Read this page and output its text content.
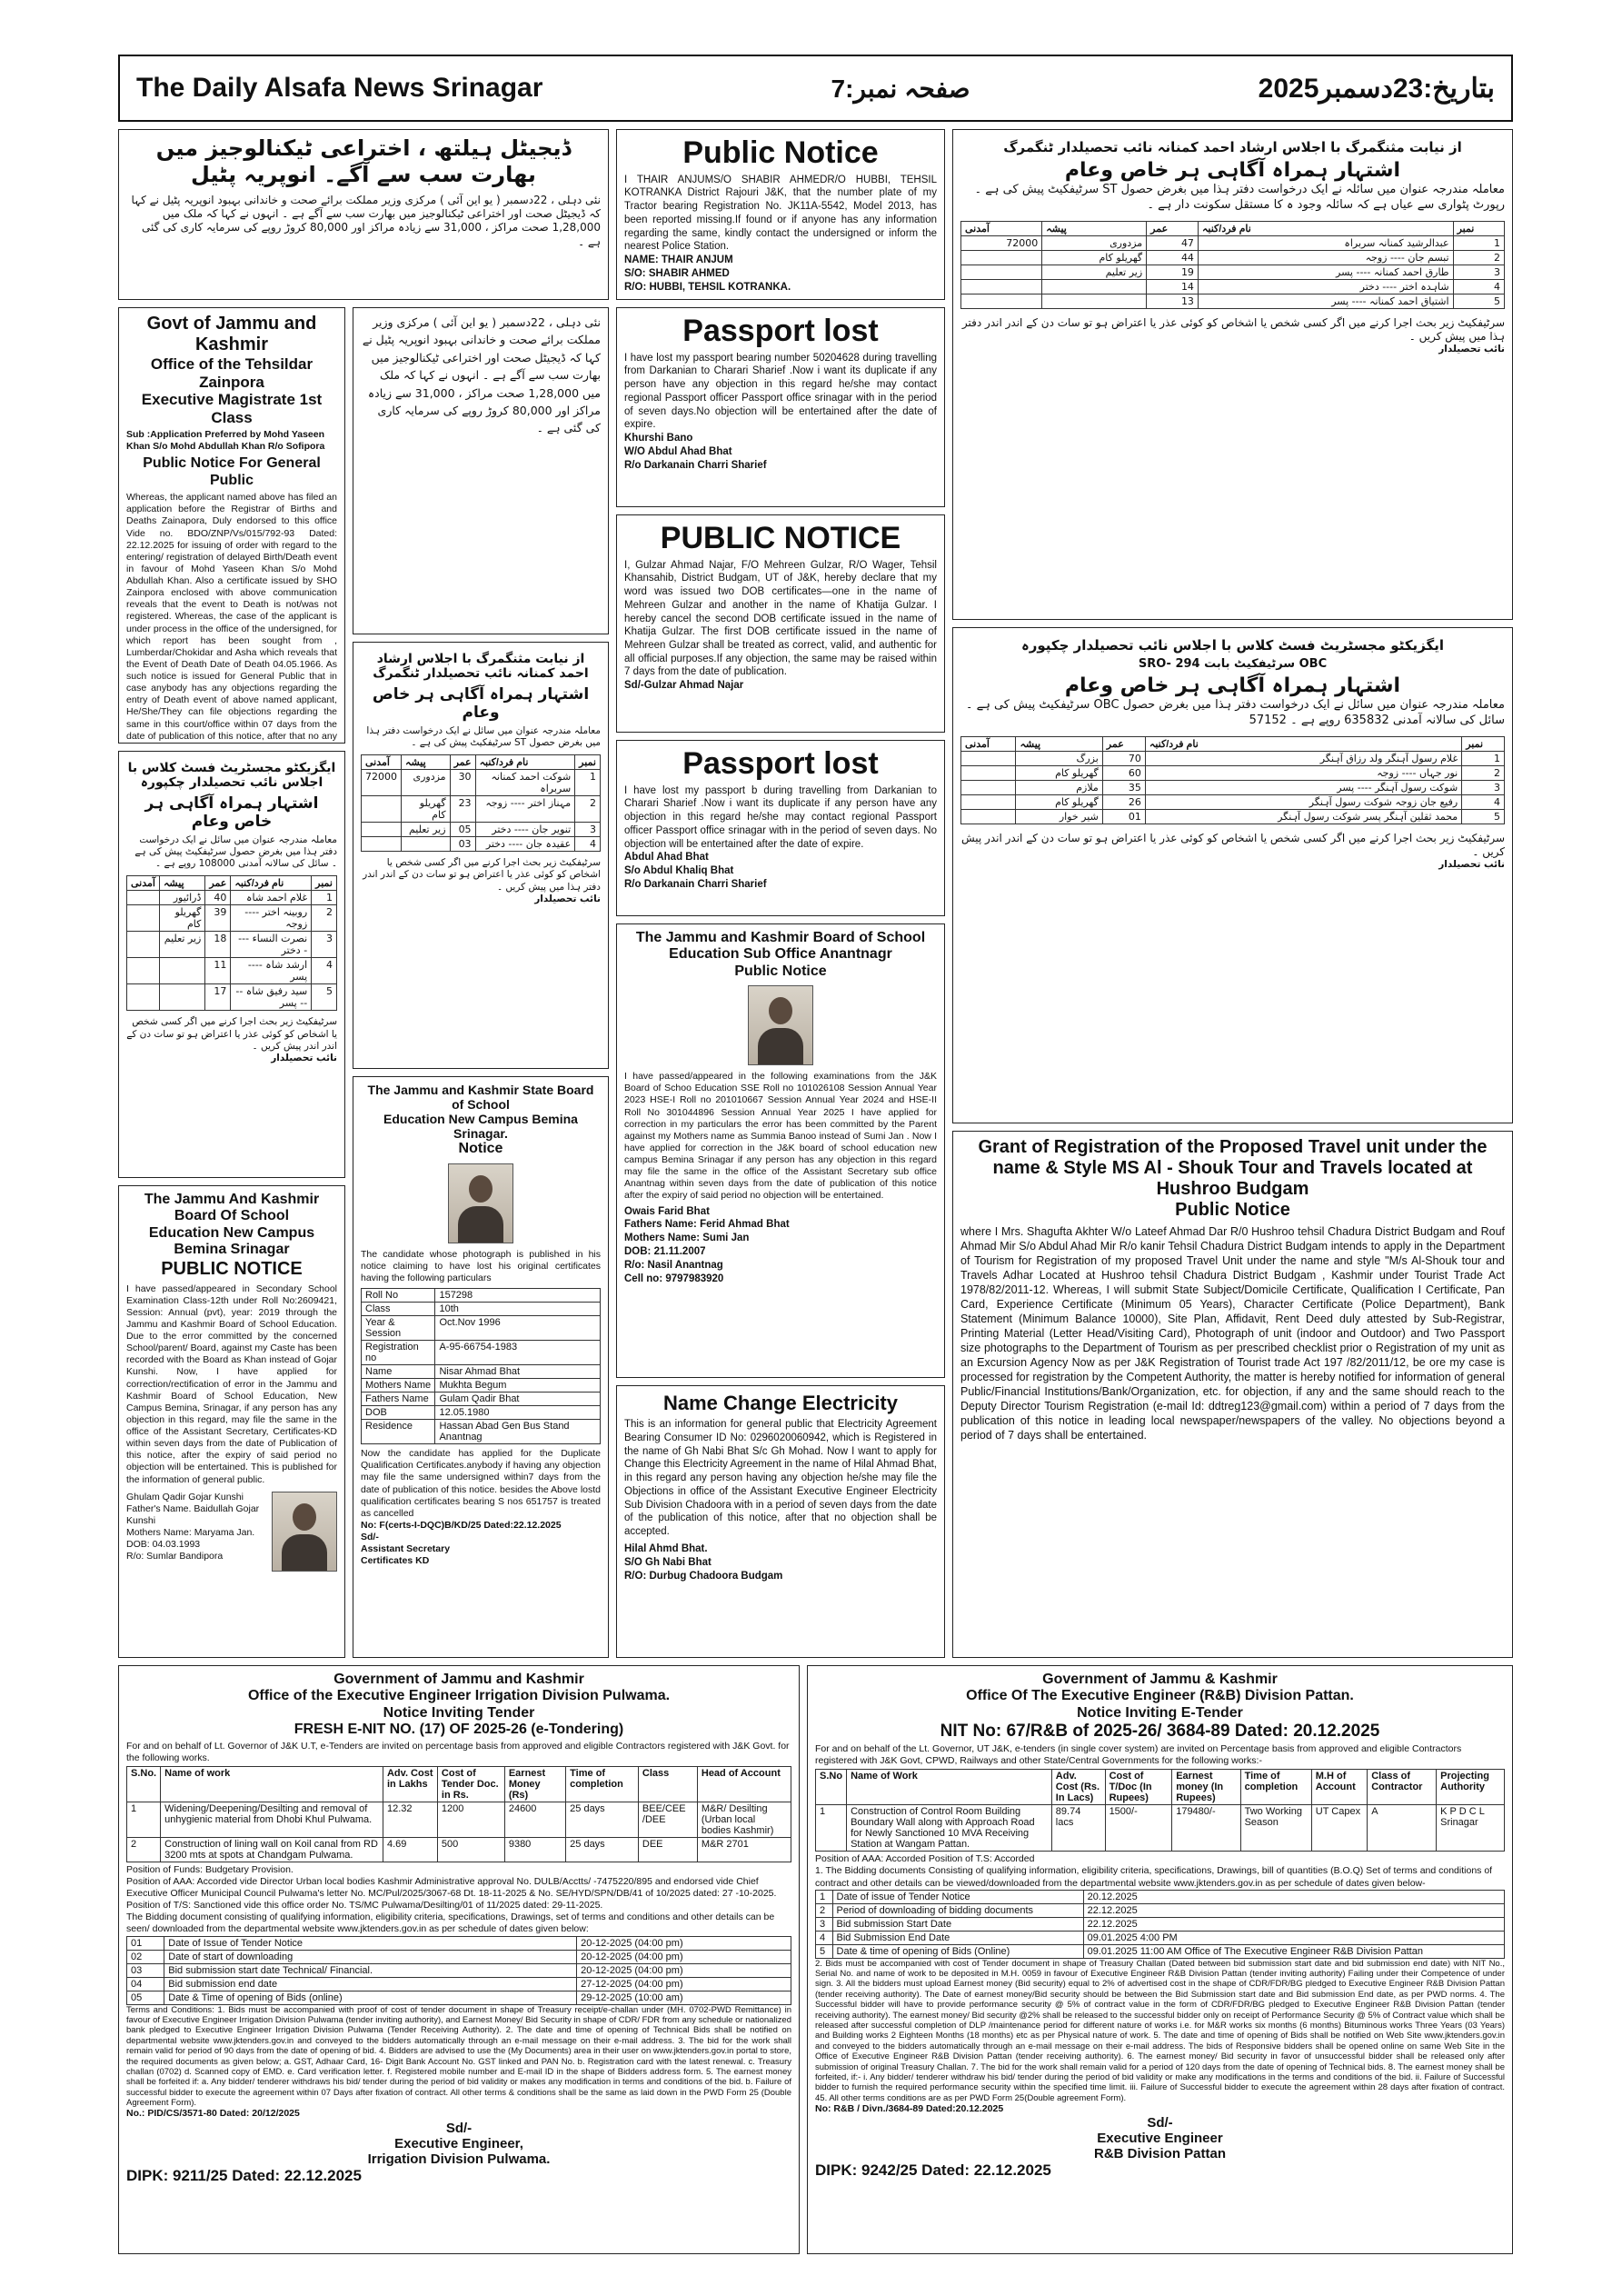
The Daily Alsafa News Srinagar	صفحہ نمبر:7	بتاریخ:23دسمبر2025
ڈیجیٹل ہیلتھ ، اختراعی ٹیکنالوجیز میں بھارت سب سے آگے۔ انوپریہ پٹیل
نئی دہلی ، 22دسمبر ( یو این آئی ) مرکزی وزیر مملکت برائے صحت و خاندانی بہبود انوپریہ پٹیل نے کہا کہ ڈیجیٹل صحت اور اختراعی ٹیکنالوجیز میں بھارت سب سے آگے ہے ۔ انہوں نے کہا کہ ملک میں 1,28,000 صحت مراکز ، 31,000 سے زیادہ مراکز اور 80,000 کروڑ روپے کی سرمایہ کاری کی گئی ہے ۔
Govt of Jammu and Kashmir
Office of the Tehsildar Zainpora
Executive Magistrate 1st Class
Sub :Application Preferred by Mohd Yaseen Khan S/o Mohd Abdullah Khan R/o Sofipora
Public Notice For General Public
Whereas, the applicant named above has filed an application before the Registrar of Births and Deaths Zainapora, Duly endorsed to this office Vide no. BDO/ZNP/Vs/015/792-93 Dated: 22.12.2025 for issuing of order with regard to the entering/ registration of delayed Birth/Death event in favour of Mohd Yaseen Khan S/o Mohd Abdullah Khan. Also a certificate issued by SHO Zainpora enclosed with above communication reveals that the event to Death is not/was not registered. Whereas, the case of the applicant is under process in the office of the undersigned, for which report has been sought from , Lumberdar/Chokidar and Asha which reveals that the Event of Death Date of Death 04.05.1966. As such notice is issued for General Public that in case anybody has any objections regarding the entry of Death event of above named applicant, He/She/They can file objections regarding the same in this court/office within 07 days from the date of publication of this notice, after that no any
نئی دہلی ، 22دسمبر ( یو این آئی ) مرکزی وزیر مملکت برائے صحت و خاندانی بہبود انوپریہ پٹیل نے کہا کہ ڈیجیٹل صحت اور اختراعی ٹیکنالوجیز میں بھارت سب سے آگے ہے ۔ انہوں نے کہا کہ ملک میں 1,28,000 صحت مراکز ، 31,000 سے زیادہ مراکز اور 80,000 کروڑ روپے کی سرمایہ کاری کی گئی ہے ۔
ایگزیکٹو مجسٹریٹ فسٹ کلاس با اجلاس نائب تحصیلدار چکپورہ
اشتہار ہمراہ آگاہی ہر خاص وعام
معاملہ مندرجہ عنوان میں سائل نے ایک درخواست دفتر ہذا میں بغرض حصول سرٹیفکیٹ پیش کی ہے ۔ سائل کی سالانہ آمدنی 108000 روپے ہے ۔
آمدنی	پیشہ	عمر	نام فرد/کنبہ	نمبر
	ڈرائیور	40	غلام احمد شاہ	1
	گھریلو کام	39	روبینہ اختر ---- زوجہ	2
	زیر تعلیم	18	نصرت النساء ---- دختر	3
		11	ارشد شاہ ---- پسر	4
		17	سید رفیق شاہ ---- پسر	5
سرٹیفکیٹ زیر بحث اجرا کرنے میں اگر کسی شخص یا اشخاص کو کوئی عذر یا اعتراض ہو تو سات دن کے اندر اندر پیش کریں ۔
نائب تحصیلدار
از نیابت مثنگمرگ با اجلاس ارشاد احمد کمنانہ نائب تحصیلدار ٹنگمرگ
اشتہار ہمراہ آگاہی ہر خاص وعام
معاملہ مندرجہ عنوان میں سائل نے ایک درخواست دفتر ہذا میں بغرض حصول ST سرٹیفکیٹ پیش کی ہے ۔
آمدنی	پیشہ	عمر	نام فرد/کنبہ	نمبر
72000	مزدوری	30	شوکت احمد کمنانہ سربراہ	1
	گھریلو کام	23	مہناز اختر ---- زوجہ	2
	زیر تعلیم	05	تنویر جان ---- دختر	3
		03	عقیدہ جان ---- دختر	4
سرٹیفکیٹ زیر بحث اجرا کرنے میں اگر کسی شخص یا اشخاص کو کوئی عذر یا اعتراض ہو تو سات دن کے اندر اندر دفتر ہذا میں پیش کریں ۔
نائب تحصیلدار
The Jammu And Kashmir Board Of School
Education New Campus Bemina Srinagar
PUBLIC NOTICE
I have passed/appeared in Secondary School Examination Class-12th under Roll No:2609421, Session: Annual (pvt), year: 2019 through the Jammu and Kashmir Board of School Education. Due to the error committed by the concerned School/parent/ Board, against my Caste has been recorded with the Board as Khan instead of Gojar Kunshi. Now, I have applied for correction/rectification of error in the Jammu and Kashmir Board of School Education, New Campus Bemina, Srinagar, if any person has any objection in this regard, may file the same in the office of the Assistant Secretary, Certificates-KD within seven days from the date of Publication of this notice, after the expiry of said period no objection will be entertained. This is published for the information of general public.
Ghulam Qadir Gojar Kunshi
Father's Name. Baidullah Gojar Kunshi
Mothers Name: Maryama Jan.
DOB: 04.03.1993
R/o: Sumlar Bandipora
The Jammu and Kashmir State Board of School
Education New Campus Bemina Srinagar.
Notice
The candidate whose photograph is published in his notice claiming to have lost his original certificates having the following particulars
Roll No	157298
Class	10th
Year & Session	Oct.Nov 1996
Registration no	A-95-66754-1983
Name	Nisar Ahmad Bhat
Mothers Name	Mukhta Begum
Fathers Name	Gulam Qadir Bhat
DOB	12.05.1980
Residence	Hassan Abad Gen Bus Stand Anantnag
Now the candidate has applied for the Duplicate Qualification Certificates.anybody if having any objection may file the same undersigned within7 days from the date of publication of this notice. besides the Above lostd qualification certificates bearing S nos 651757 is treated as cancelled
No: F(certs-I-DQC)B/KD/25 Dated:22.12.2025
Sd/-
Assistant Secretary
Certificates KD
Public Notice
I THAIR ANJUMS/O SHABIR AHMEDR/O HUBBI, TEHSIL KOTRANKA District Rajouri J&K, that the number plate of my Tractor bearing Registration No. JK11A-5542, Model 2013, has been reported missing.If found or if anyone has any information regarding the same, kindly contact the undersigned or inform the nearest Police Station.
NAME: THAIR ANJUM
S/O: SHABIR AHMED
R/O: HUBBI, TEHSIL KOTRANKA.
Passport lost
I have lost my passport bearing number 50204628 during travelling from Darkanian to Charari Sharief .Now i want its duplicate if any person have any objection in this regard he/she may contact regional Passport officer Passport office srinagar with in the period of seven days.No objection will be entertained after the date of expire.
Khurshi Bano
W/O Abdul Ahad Bhat
R/o Darkanain Charri Sharief
PUBLIC NOTICE
I, Gulzar Ahmad Najar, F/O Mehreen Gulzar, R/O Wager, Tehsil Khansahib, District Budgam, UT of J&K, hereby declare that my word was issued two DOB certificates—one in the name of Mehreen Gulzar and another in the name of Khatija Gulzar. I hereby cancel the second DOB certificate issued in the name of Khatija Gulzar. The first DOB certificate issued in the name of Mehreen Gulzar shall be treated as correct, valid, and authentic for all official purposes.If any objection, the same may be raised within 7 days from the date of publication.
Sd/-Gulzar Ahmad Najar
Passport lost
I have lost my passport b during travelling from Darkanian to Charari Sharief .Now i want its duplicate if any person have any objection in this regard he/she may contact regional Passport officer Passport office srinagar with in the period of seven days. No objection will be entertained after the date of expire.
Abdul Ahad Bhat
S/o Abdul Khaliq Bhat
R/o Darkanain Charri Sharief
The Jammu and Kashmir Board of School
Education Sub Office Anantnagr
Public Notice
I have passed/appeared in the following examinations from the J&K Board of Schoo Education SSE Roll no 101026108 Session Annual Year 2023 HSE-I Roll no 201010667 Session Annual Year 2024 and HSE-II Roll No 301044896 Session Annual Year 2025 I have applied for correction in my particulars the error has been committed by the Parent against my Mothers name as Summia Banoo instead of Sumi Jan . Now I have applied for correction in the J&K board of school education new campus Bemina Srinagar if any person has any objection in this regard may file the same in the office of the Assistant Secretary sub office Anantnag within seven days from the date of publication of this notice after the expiry of said period no objection will be entertained.
Owais Farid Bhat
Fathers Name: Ferid Ahmad Bhat
Mothers Name: Sumi Jan
DOB: 21.11.2007
R/o: Nasil Anantnag
Cell no: 9797983920
Name Change Electricity
This is an information for general public that Electricity Agreement Bearing Consumer ID No: 0296020060942, which is Registered in the name of Gh Nabi Bhat S/c Gh Mohad. Now I want to apply for Change this Electricity Agreement in the name of Hilal Ahmad Bhat, in this regard any person having any objection he/she may file the Objections in office of the Assistant Executive Engineer Electricity Sub Division Chadoora with in a period of seven days from the date of the publication of this notice, after that no objection shall be accepted.
Hilal Ahmd Bhat.
S/O Gh Nabi Bhat
R/O: Durbug Chadoora Budgam
از نیابت مثنگمرگ با اجلاس ارشاد احمد کمنانہ نائب تحصیلدار ٹنگمرگ
اشتہار ہمراہ آگاہی ہر خاص وعام
معاملہ مندرجہ عنوان میں سائلہ نے ایک درخواست دفتر ہذا میں بغرض حصول ST سرٹیفکیٹ پیش کی ہے ۔ رپورٹ پٹواری سے عیاں ہے کہ سائلہ وجود ہ کا مستقل سکونت دار ہے ۔
آمدنی	پیشہ	عمر	نام فرد/کنبہ	نمبر
72000	مزدوری	47	عبدالرشید کمنانہ سربراہ	1
	گھریلو کام	44	تبسم جان ---- زوجہ	2
	زیر تعلیم	19	طارق احمد کمنانہ ---- پسر	3
		14	شاہدہ اختر ---- دختر	4
		13	اشتیاق احمد کمنانہ ---- پسر	5
سرٹیفکیٹ زیر بحث اجرا کرنے میں اگر کسی شخص یا اشخاص کو کوئی عذر یا اعتراض ہو تو سات دن کے اندر اندر دفتر ہذا میں پیش کریں ۔
نائب تحصیلدار
ایگزیکٹو مجسٹریٹ فسٹ کلاس با اجلاس نائب تحصیلدار چکپورہ
OBC سرٹیفکیٹ بابت SRO- 294
اشتہار ہمراہ آگاہی ہر خاص وعام
معاملہ مندرجہ عنوان میں سائل نے ایک درخواست دفتر ہذا میں بغرض حصول OBC سرٹیفکیٹ پیش کی ہے ۔ سائل کی سالانہ آمدنی 635832 روپے ہے ۔ 57152
آمدنی	پیشہ	عمر	نام فرد/کنبہ	نمبر
	بزرگ	70	غلام رسول آہنگر ولد رزاق آہنگر	1
	گھریلو کام	60	نور جہاں ---- زوجہ	2
	ملازم	35	شوکت رسول آہنگر ---- پسر	3
	گھریلو کام	26	رفیع جان زوجہ شوکت رسول آہنگر	4
	شیر خوار	01	محمد ثقلین آہنگر پسر شوکت رسول آہنگر	5
سرٹیفکیٹ زیر بحث اجرا کرنے میں اگر کسی شخص یا اشخاص کو کوئی عذر یا اعتراض ہو تو سات دن کے اندر اندر پیش کریں ۔
نائب تحصیلدار
Grant of Registration of the Proposed Travel unit under the name & Style MS Al - Shouk Tour and Travels located at Hushroo Budgam
Public Notice
where I Mrs. Shagufta Akhter W/o Lateef Ahmad Dar R/0 Hushroo tehsil Chadura District Budgam and Rouf Ahmad Mir S/o Abdul Ahad Mir R/o kanir Tehsil Chadura District Budgam intends to apply in the Department of Tourism for Registration of my proposed Travel Unit under the name and style "M/s Al-Shouk tour and Travels Adhar Located at Hushroo tehsil Chadura District Budgam , Kashmir under Tourist Trade Act 1978/82/2011-12. Whereas, I will submit State Subject/Domicile Certificate, Qualification I Certificate, Pan Card, Experience Certificate (Minimum 05 Years), Character Certificate (Police Department), Bank Statement (Minimum Balance 10000), Site Plan, Affidavit, Rent Deed duly attested by Sub-Registrar, Printing Material (Letter Head/Visiting Card), Photograph of unit (indoor and Outdoor) and Two Passport size photographs to the Department of Tourism as per prescribed checklist prior o Registration of my unit as an Excursion Agency Now as per J&K Registration of Tourist trade Act 197 /82/2011/12, be ore my case is processed for registration by the Competent Authority, the matter is hereby notified for information of general Public/Financial Institutions/Bank/Organization, etc. for objection, if any and the same should reach to the Deputy Director Tourism Registration (e-mail Id: ddtreg123@gmail.com) within a period of 7 days from the publication of this notice in leading local newspaper/newspapers of the valley. No objections beyond a period of 7 days shall be entertained.
Government of Jammu and Kashmir
Office of the Executive Engineer Irrigation Division Pulwama.
Notice Inviting Tender
FRESH E-NIT NO. (17) OF 2025-26 (e-Tondering)
For and on behalf of Lt. Governor of J&K U.T, e-Tenders are invited on percentage basis from approved and eligible Contractors registered with J&K Govt. for the following works.
S.No.	Name of work	Adv. Cost in Lakhs	Cost of Tender Doc. in Rs.	Earnest Money (Rs)	Time of completion	Class	Head of Account
1	Widening/Deepening/Desilting and removal of unhygienic material from Dhobi Khul Pulwama.	12.32	1200	24600	25 days	BEE/CEE /DEE	M&R/ Desilting (Urban local bodies Kashmir)
2	Construction of lining wall on Koil canal from RD 3200 mts at spots at Chandgam Pulwama.	4.69	500	9380	25 days	DEE	M&R 2701
Position of Funds: Budgetary Provision.
Position of AAA: Accorded vide Director Urban local bodies Kashmir Administrative approval No. DULB/Acctts/ -7475220/895 and endorsed vide Chief Executive Officer Municipal Council Pulwama's letter No. MC/Pul/2025/3067-68 Dt. 18-11-2025 & No. SE/HYD/SPN/DB/41 of 10/2025 dated: 27 -10-2025.
Position of T/S: Sanctioned vide this office order No. TS/MC Pulwama/Desilting/01 of 11/2025 dated: 29-11-2025.
The Bidding document consisting of qualifying information, eligibility criteria, specifications, Drawings, set of terms and conditions and other details can be seen/ downloaded from the departmental website www.jktenders.gov.in as per schedule of dates given below:
01	Date of Issue of Tender Notice	20-12-2025 (04:00 pm)
02	Date of start of downloading	20-12-2025 (04:00 pm)
03	Bid submission start date Technical/ Financial.	20-12-2025 (04:00 pm)
04	Bid submission end date	27-12-2025 (04:00 pm)
05	Date & Time of opening of Bids (online)	29-12-2025 (10:00 am)
Terms and Conditions: 1. Bids must be accompanied with proof of cost of tender document in shape of Treasury receipt/e-challan under (MH. 0702-PWD Remittance) in favour of Executive Engineer Irrigation Division Pulwama (tender inviting authority), and Earnest Money/ Bid Security in shape of CDR/ FDR from any schedule or nationalized bank pledged to Executive Engineer Irrigation Division Pulwama (Tender Receiving Authority). 2. The date and time of opening of Technical Bids shall be notified on departmental website www.jktenders.gov.in and conveyed to the bidders automatically through an e-mail message on their e-mail address. 3. The bid for the work shall remain valid for period of 90 days from the date of opening of bid. 4. Bidders are advised to use the (My Documents) area in their user on www.jktenders.gov.in portal to store, the required documents as given below; a. GST, Adhaar Card, 16- Digit Bank Account No. GST linked and PAN No. b. Registration card with the latest renewal. c. Treasury challan (0702) d. Scanned copy of EMD. e. Card verification letter. f. Registered mobile number and E-mail ID in the shape of Bidders address form. 5. The earnest money shall be forfeited if: a. Any bidder/ tenderer withdraws his bid/ tender during the period of bid validity or makes any modification in terms and conditions of the bid. b. Failure of successful bidder to execute the agreement within 07 Days after fixation of contract. All other terms & conditions shall be the same as laid down in the PWD Form 25 (Double Agreement Form).
No.: PID/CS/3571-80 Dated: 20/12/2025
Sd/-
Executive Engineer,
Irrigation Division Pulwama.
DIPK: 9211/25 Dated: 22.12.2025
Government of Jammu & Kashmir
Office Of The Executive Engineer (R&B) Division Pattan.
Notice Inviting E-Tender
NIT No: 67/R&B of 2025-26/ 3684-89 Dated: 20.12.2025
For and on behalf of the Lt. Governor, UT J&K, e-tenders (in single cover system) are invited on Percentage basis from approved and eligible Contractors registered with J&K Govt, CPWD, Railways and other State/Central Governments for the following works:-
S.No	Name of Work	Adv. Cost (Rs. In Lacs)	Cost of T/Doc (In Rupees)	Earnest money (In Rupees)	Time of completion	M.H of Account	Class of Contractor	Projecting Authority
1	Construction of Control Room Building Boundary Wall along with Approach Road for Newly Sanctioned 10 MVA Receiving Station at Wangam Pattan.	89.74 lacs	1500/-	179480/-	Two Working Season	UT Capex	A	K P D C L Srinagar
Position of AAA: Accorded Position of T.S: Accorded
1. The Bidding documents Consisting of qualifying information, eligibility criteria, specifications, Drawings, bill of quantities (B.O.Q) Set of terms and conditions of contract and other details can be viewed/downloaded from the departmental website www.jktenders.gov.in as per schedule of dates given below-
1	Date of issue of Tender Notice	20.12.2025
2	Period of downloading of bidding documents	22.12.2025
3	Bid submission Start Date	22.12.2025
4	Bid Submission End Date	09.01.2025 4:00 PM
5	Date & time of opening of Bids (Online)	09.01.2025 11:00 AM Office of The Executive Engineer R&B Division Pattan
2. Bids must be accompanied with cost of Tender document in shape of Treasury Challan (Dated between bid submission start date and bid submission end date) with NIT No., Serial No. and name of work to be deposited in M.H. 0059 in favour of Executive Engineer R&B Division Pattan (tender inviting authority) Failing under their Competence of under sign. 3. All the bidders must upload Earnest money (Bid security) equal to 2% of advertised cost in the shape of CDR/FDR/BG pledged to Executive Engineer R&B Division Pattan (tender receiving authority). The Date of earnest money/Bid security should be between the Bid Submission start date and Bid submission End date, as per PWD norms. 4. The Successful bidder will have to provide performance security @ 5% of contract value in the form of CDR/FDR/BG pledged to Executive Engineer R&B Division Pattan (tender receiving authority). The earnest money/ Bid security @2% shall be released to the successful bidder only on receipt of Performance Security @ 5% of Contract value which shall be released after successful completion of DLP /maintenance period for different nature of works i.e. for M&R works six months (6 months) Bituminous works Three Years (03 Years) and Building works 2 Eighteen Months (18 months) etc as per Physical nature of work. 5. The date and time of opening of Bids shall be notified on Web Site www.jktenders.gov.in and conveyed to the bidders automatically through an e-mail message on their e-mail address. The bids of Responsive bidders shall be opened online on same Web Site in the Office of Executive Engineer R&B Division Pattan (tender receiving authority). 6. The earnest money/ Bid security in favor of unsuccessful bidder shall be released only after submission of original Treasury Challan. 7. The bid for the work shall remain valid for a period of 120 days from the date of opening of Technical bids. 8. The earnest money shall be forfeited, if:- i. Any bidder/ tenderer withdraw his bid/ tender during the period of bid validity or make any modifications in the terms and conditions of the bid. ii. Failure of Successful bidder to furnish the required performance security within the specified time limit. iii. Failure of Successful bidder to execute the agreement within 28 days after fixation of contract. 45. All other terms conditions are as per PWD Form 25(Double agreement Form).
No: R&B / Divn./3684-89 Dated:20.12.2025
Sd/-
Executive Engineer
R&B Division Pattan
DIPK: 9242/25 Dated: 22.12.2025
